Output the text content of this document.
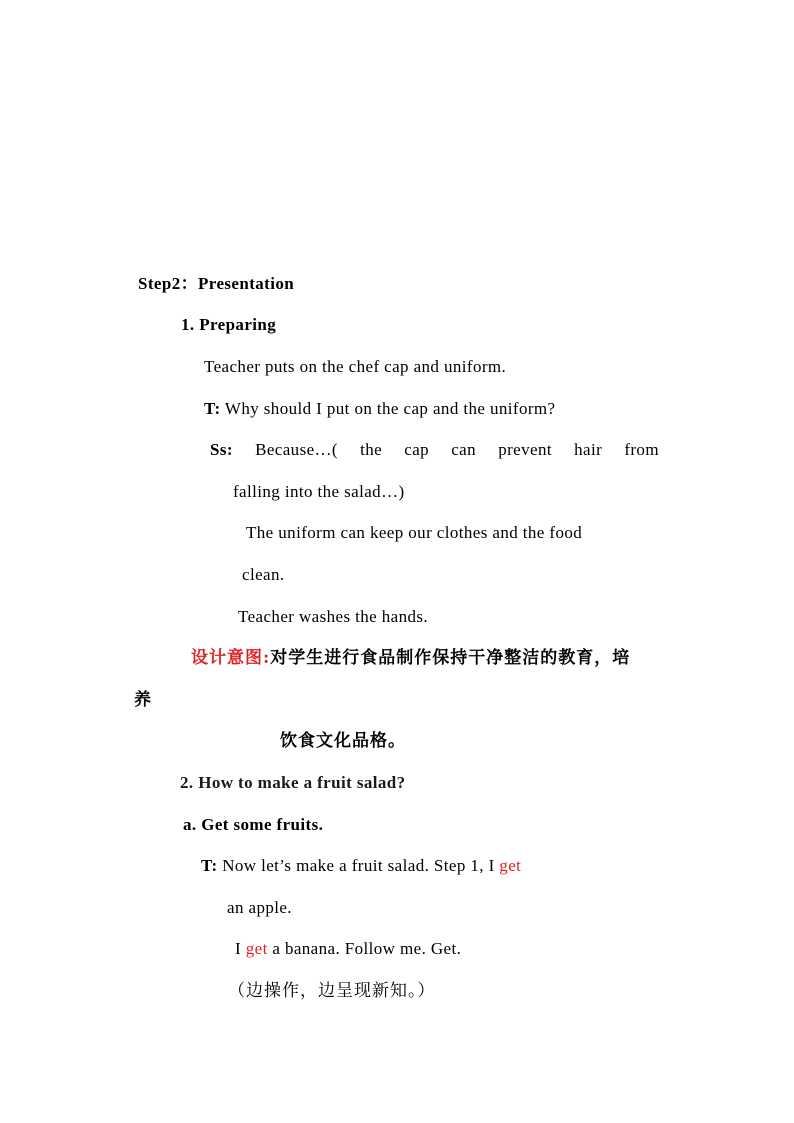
Step2：Presentation
1. Preparing
Teacher puts on the chef cap and uniform.
T: Why should I put on the cap and the uniform?
Ss: Because…( the cap can prevent hair from
falling into the salad…)
The uniform can keep our clothes and the food
clean.
Teacher washes the hands.
设计意图:对学生进行食品制作保持干净整洁的教育，培
养
饮食文化品格。
2. How to make a fruit salad?
a. Get some fruits.
T: Now let’s make a fruit salad. Step 1, I get
an apple.
I get a banana. Follow me. Get.
（边操作，边呈现新知。）
